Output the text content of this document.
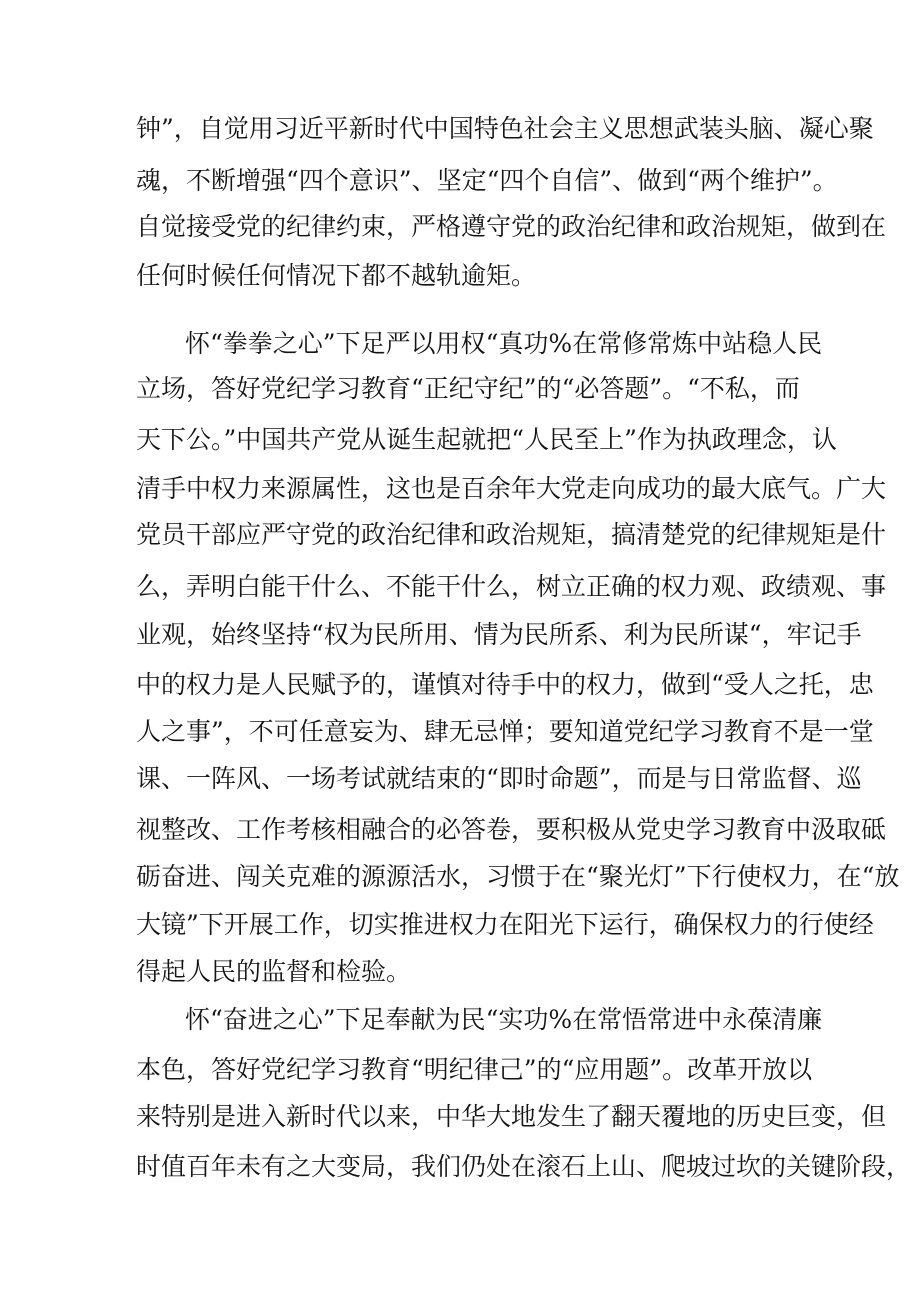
钟”，自觉用习近平新时代中国特色社会主义思想武装头脑、凝心聚

魂，不断增强“四个意识”、坚定“四个自信”、做到“两个维护”。

自觉接受党的纪律约束，严格遵守党的政治纪律和政治规矩，做到在

任何时候任何情况下都不越轨逾矩。

怀“拳拳之心”下足严以用权“真功%在常修常炼中站稳人民

立场，答好党纪学习教育“正纪守纪”的“必答题”。“不私，而

天下公。”中国共产党从诞生起就把“人民至上”作为执政理念，认

清手中权力来源属性，这也是百余年大党走向成功的最大底气。广大

党员干部应严守党的政治纪律和政治规矩，搞清楚党的纪律规矩是什

么，弄明白能干什么、不能干什么，树立正确的权力观、政绩观、事

业观，始终坚持“权为民所用、情为民所系、利为民所谋“，牢记手

中的权力是人民赋予的，谨慎对待手中的权力，做到“受人之托，忠

人之事”，不可任意妄为、肆无忌惮；要知道党纪学习教育不是一堂

课、一阵风、一场考试就结束的“即时命题”，而是与日常监督、巡

视整改、工作考核相融合的必答卷，要积极从党史学习教育中汲取砥

砺奋进、闯关克难的源源活水，习惯于在“聚光灯”下行使权力，在“放

大镜”下开展工作，切实推进权力在阳光下运行，确保权力的行使经

得起人民的监督和检验。

怀“奋进之心”下足奉献为民“实功%在常悟常进中永葆清廉

本色，答好党纪学习教育“明纪律己”的“应用题”。改革开放以

来特别是进入新时代以来，中华大地发生了翻天覆地的历史巨变，但

时值百年未有之大变局，我们仍处在滚石上山、爬坡过坎的关键阶段，
